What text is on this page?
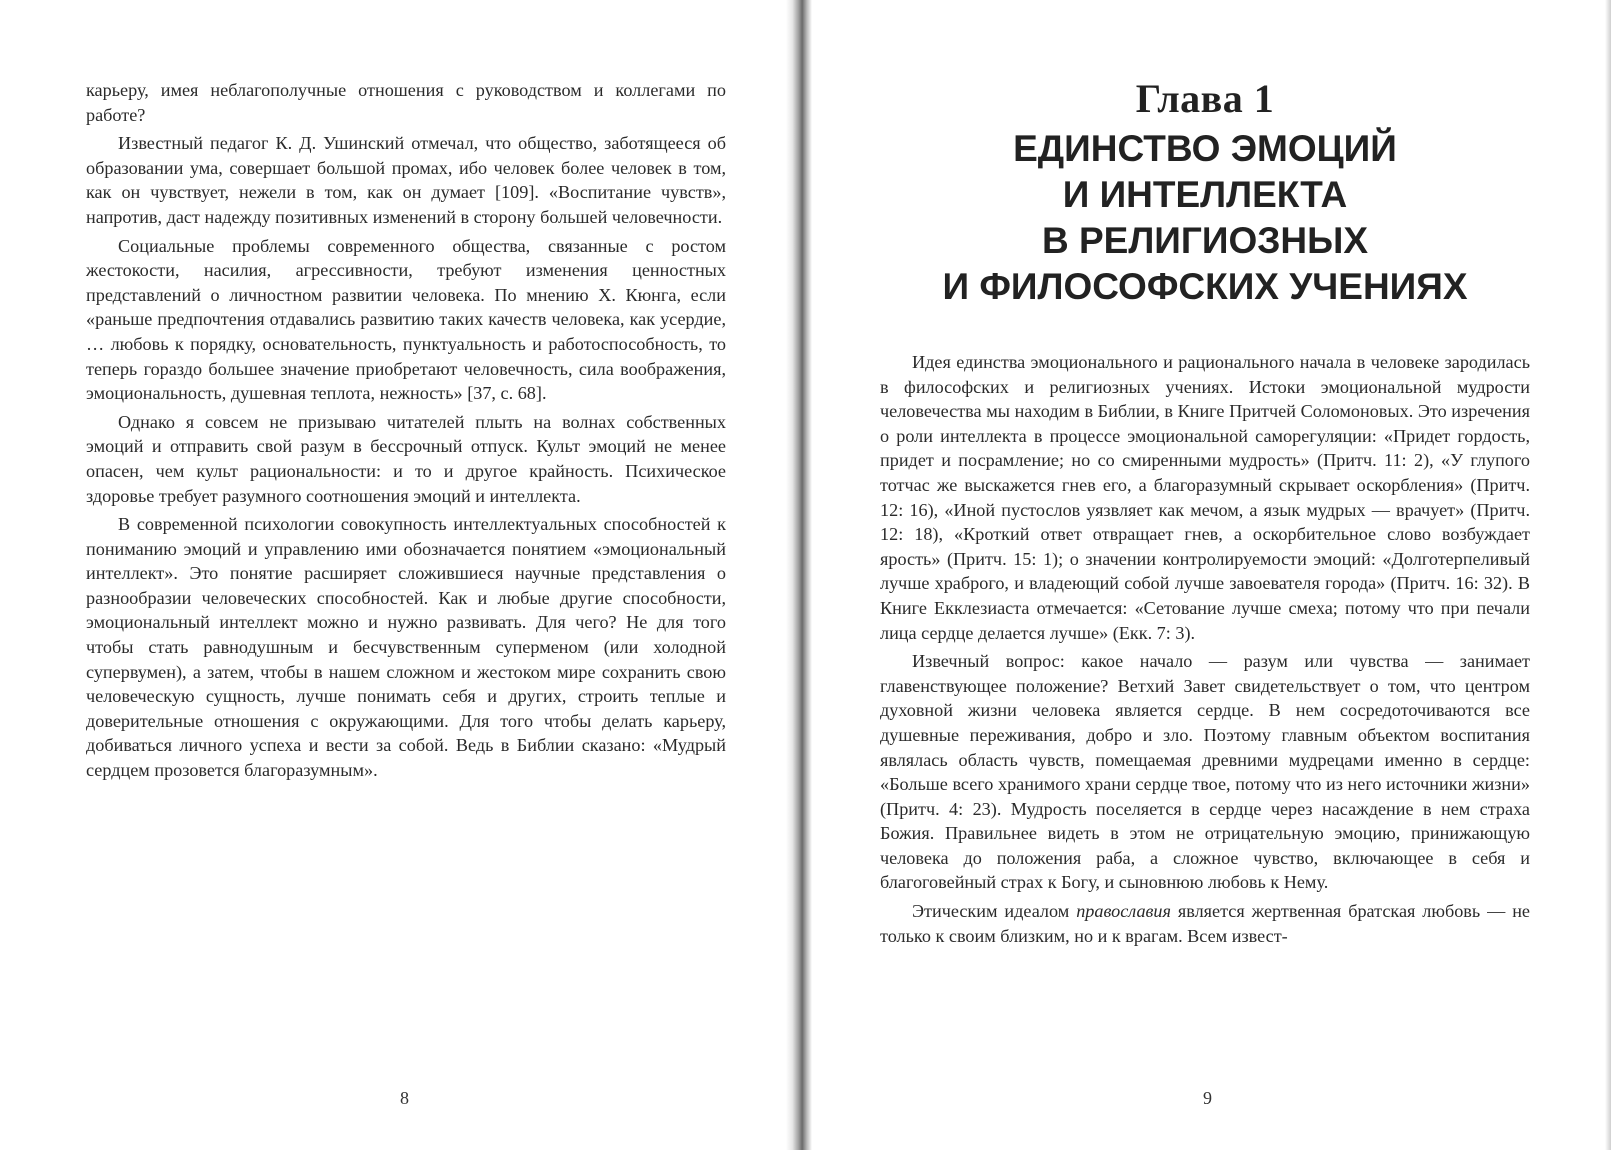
карьеру, имея неблагополучные отношения с руководством и коллегами по работе?

Известный педагог К. Д. Ушинский отмечал, что общество, заботящееся об образовании ума, совершает большой промах, ибо человек более человек в том, как он чувствует, нежели в том, как он думает [109]. «Воспитание чувств», напротив, даст надежду позитивных изменений в сторону большей человечности.

Социальные проблемы современного общества, связанные с ростом жестокости, насилия, агрессивности, требуют изменения ценностных представлений о личностном развитии человека. По мнению Х. Кюнга, если «раньше предпочтения отдавались развитию таких качеств человека, как усердие, … любовь к порядку, основательность, пунктуальность и работоспособность, то теперь гораздо большее значение приобретают человечность, сила воображения, эмоциональность, душевная теплота, нежность» [37, с. 68].

Однако я совсем не призываю читателей плыть на волнах собственных эмоций и отправить свой разум в бессрочный отпуск. Культ эмоций не менее опасен, чем культ рациональности: и то и другое крайность. Психическое здоровье требует разумного соотношения эмоций и интеллекта.

В современной психологии совокупность интеллектуальных способностей к пониманию эмоций и управлению ими обозначается понятием «эмоциональный интеллект». Это понятие расширяет сложившиеся научные представления о разнообразии человеческих способностей. Как и любые другие способности, эмоциональный интеллект можно и нужно развивать. Для чего? Не для того чтобы стать равнодушным и бесчувственным суперменом (или холодной супервумен), а затем, чтобы в нашем сложном и жестоком мире сохранить свою человеческую сущность, лучше понимать себя и других, строить теплые и доверительные отношения с окружающими. Для того чтобы делать карьеру, добиваться личного успеха и вести за собой. Ведь в Библии сказано: «Мудрый сердцем прозовется благоразумным».

8
Глава 1
ЕДИНСТВО ЭМОЦИЙ
И ИНТЕЛЛЕКТА
В РЕЛИГИОЗНЫХ
И ФИЛОСОФСКИХ УЧЕНИЯХ

Идея единства эмоционального и рационального начала в человеке зародилась в философских и религиозных учениях. Истоки эмоциональной мудрости человечества мы находим в Библии, в Книге Притчей Соломоновых. Это изречения о роли интеллекта в процессе эмоциональной саморегуляции: «Придет гордость, придет и посрамление; но со смиренными мудрость» (Притч. 11: 2), «У глупого тотчас же выскажется гнев его, а благоразумный скрывает оскорбления» (Притч. 12: 16), «Иной пустослов уязвляет как мечом, а язык мудрых — врачует» (Притч. 12: 18), «Кроткий ответ отвращает гнев, а оскорбительное слово возбуждает ярость» (Притч. 15: 1); о значении контролируемости эмоций: «Долготерпеливый лучше храброго, и владеющий собой лучше завоевателя города» (Притч. 16: 32). В Книге Екклезиаста отмечается: «Сетование лучше смеха; потому что при печали лица сердце делается лучше» (Екк. 7: 3).

Извечный вопрос: какое начало — разум или чувства — занимает главенствующее положение? Ветхий Завет свидетельствует о том, что центром духовной жизни человека является сердце. В нем сосредоточиваются все душевные переживания, добро и зло. Поэтому главным объектом воспитания являлась область чувств, помещаемая древними мудрецами именно в сердце: «Больше всего хранимого храни сердце твое, потому что из него источники жизни» (Притч. 4: 23). Мудрость поселяется в сердце через насаждение в нем страха Божия. Правильнее видеть в этом не отрицательную эмоцию, принижающую человека до положения раба, а сложное чувство, включающее в себя и благоговейный страх к Богу, и сыновнюю любовь к Нему.

Этическим идеалом православия является жертвенная братская любовь — не только к своим близким, но и к врагам. Всем извест-

9
